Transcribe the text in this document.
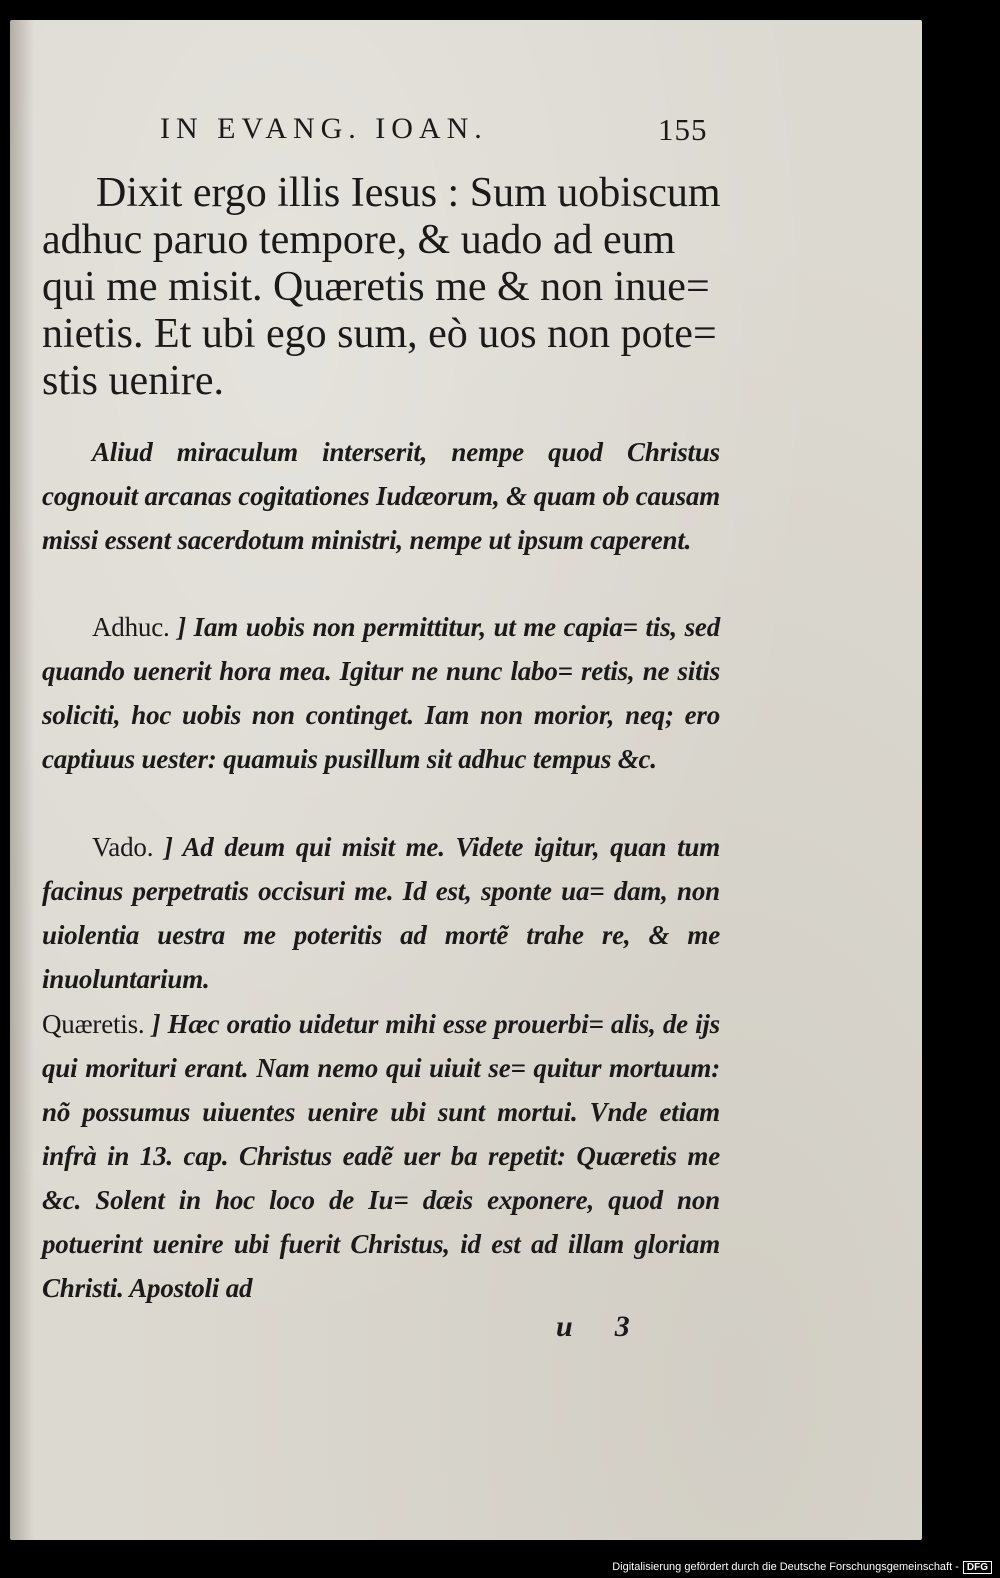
IN EVANG. IOAN.	155
Dixit ergo illis Iesus : Sum uobiscum
adhuc paruo tempore, & uado ad eum
qui me misit. Quæretis me & non inue=
nietis. Et ubi ego sum, eò uos non pote=
stis uenire.
Aliud miraculum interserit, nempe quod Christus cognouit arcanas cogitationes Iudæorum, & quam ob causam missi essent sacerdotum ministri, nempe ut ipsum caperent.
Adhuc. ] Iam uobis non permittitur, ut me capia= tis, sed quando uenerit hora mea. Igitur ne nunc labo= retis, ne sitis soliciti, hoc uobis non continget. Iam non morior, neq; ero captiuus uester: quamuis pusillum sit adhuc tempus &c.
Vado. ] Ad deum qui misit me. Videte igitur, quan tum facinus perpetratis occisuri me. Id est, sponte ua= dam, non uiolentia uestra me poteritis ad mortẽ trahe re, & me inuoluntarium.
Quæretis. ] Hæc oratio uidetur mihi esse prouerbi= alis, de ijs qui morituri erant. Nam nemo qui uiuit se= quitur mortuum: nõ possumus uiuentes uenire ubi sunt mortui. Vnde etiam infrà in 13. cap. Christus eadẽ uer ba repetit: Quæretis me &c. Solent in hoc loco de Iu= dæis exponere, quod non potuerint uenire ubi fuerit Christus, id est ad illam gloriam Christi. Apostoli ad
u 3
Digitalisierung gefördert durch die Deutsche Forschungsgemeinschaft - DFG
